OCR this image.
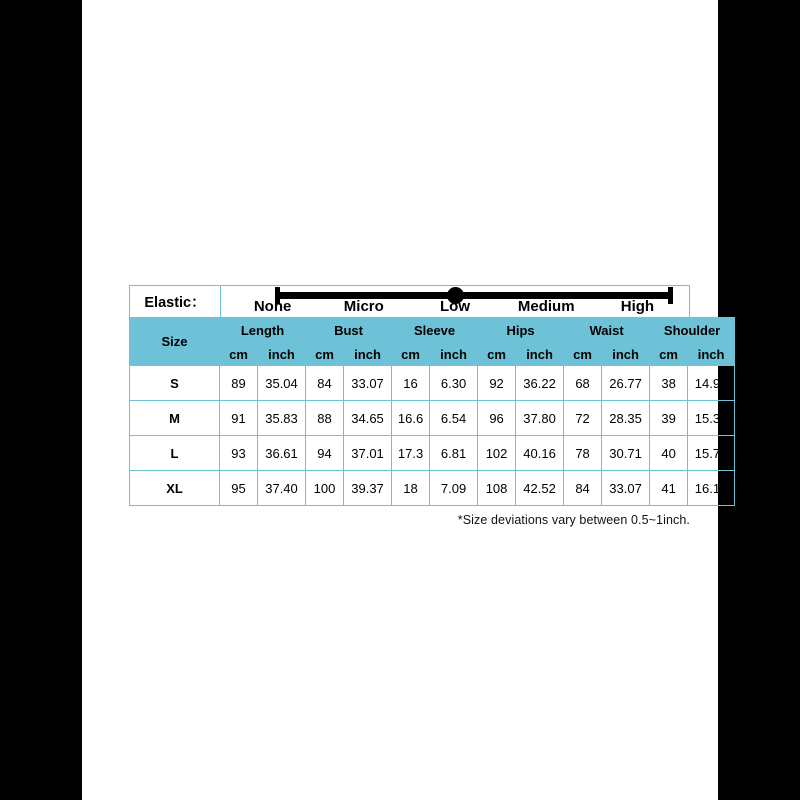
Elastic：	None	Micro	Low	Medium	High
Size	Length		Bust		Sleeve		Hips		Waist		Shoulder	
	cm	inch	cm	inch	cm	inch	cm	inch	cm	inch	cm	inch
S	89	35.04	84	33.07	16	6.30	92	36.22	68	26.77	38	14.96
M	91	35.83	88	34.65	16.6	6.54	96	37.80	72	28.35	39	15.35
L	93	36.61	94	37.01	17.3	6.81	102	40.16	78	30.71	40	15.75
XL	95	37.40	100	39.37	18	7.09	108	42.52	84	33.07	41	16.14
*Size deviations vary between 0.5~1inch.
